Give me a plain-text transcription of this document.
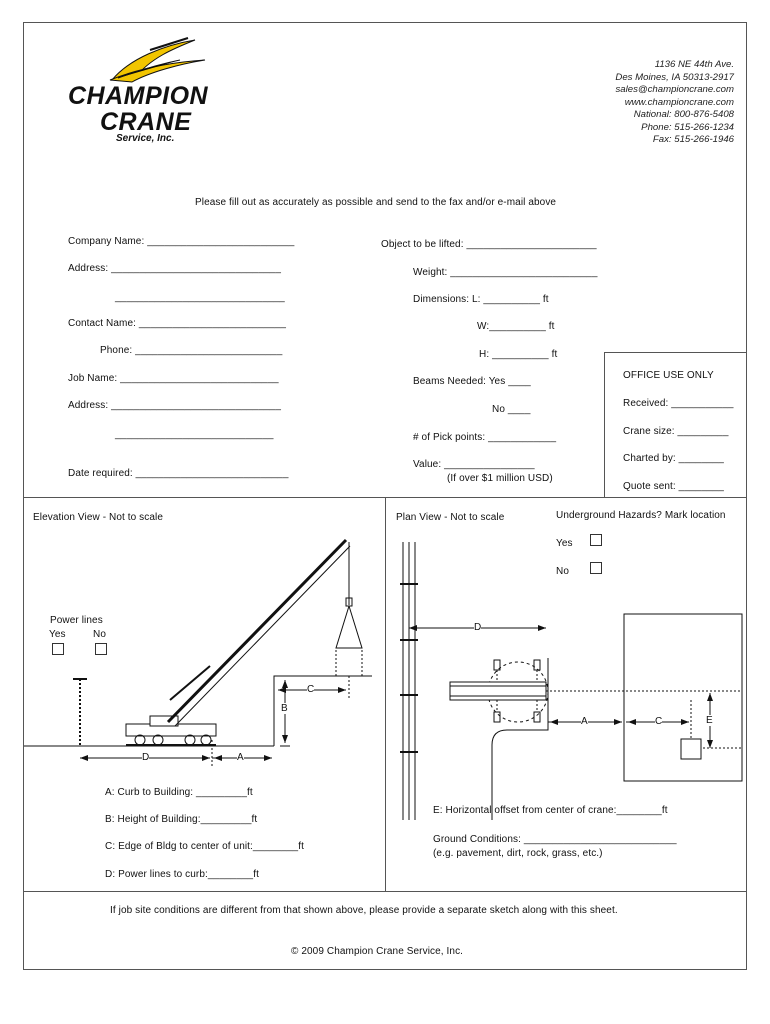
CHAMPION
CRANE
Service, Inc.
1136 NE 44th Ave.
Des Moines, IA 50313-2917
sales@championcrane.com
www.championcrane.com
National: 800-876-5408
Phone: 515-266-1234
Fax: 515-266-1946
Please fill out as accurately as possible and send to the fax and/or e-mail above
Company Name: __________________________
Address: ______________________________
______________________________
Contact Name: __________________________
Phone: __________________________
Job Name: ____________________________
Address: ______________________________
____________________________
Date required: ___________________________
Object to be lifted: _______________________
Weight: __________________________
Dimensions: L: __________ ft
W:__________ ft
H: __________ ft
Beams Needed: Yes ____
No ____
# of Pick points: ____________
Value: ________________
(If over $1 million USD)
OFFICE USE ONLY
Received: ___________
Crane size: _________
Charted by: ________
Quote sent: ________
Elevation View - Not to scale
Power lines
Yes	No
C
B
D	A
A: Curb to Building: _________ft
B: Height of Building:_________ft
C: Edge of Bldg to center of unit:________ft
D: Power lines to curb:________ft
Plan View - Not to scale	Underground Hazards? Mark location
Yes
No
D
A	C	E
E: Horizontal offset from center of crane:________ft
Ground Conditions: ___________________________
(e.g. pavement, dirt, rock, grass, etc.)
If job site conditions are different from that shown above, please provide a separate sketch along with this sheet.
© 2009 Champion Crane Service, Inc.
